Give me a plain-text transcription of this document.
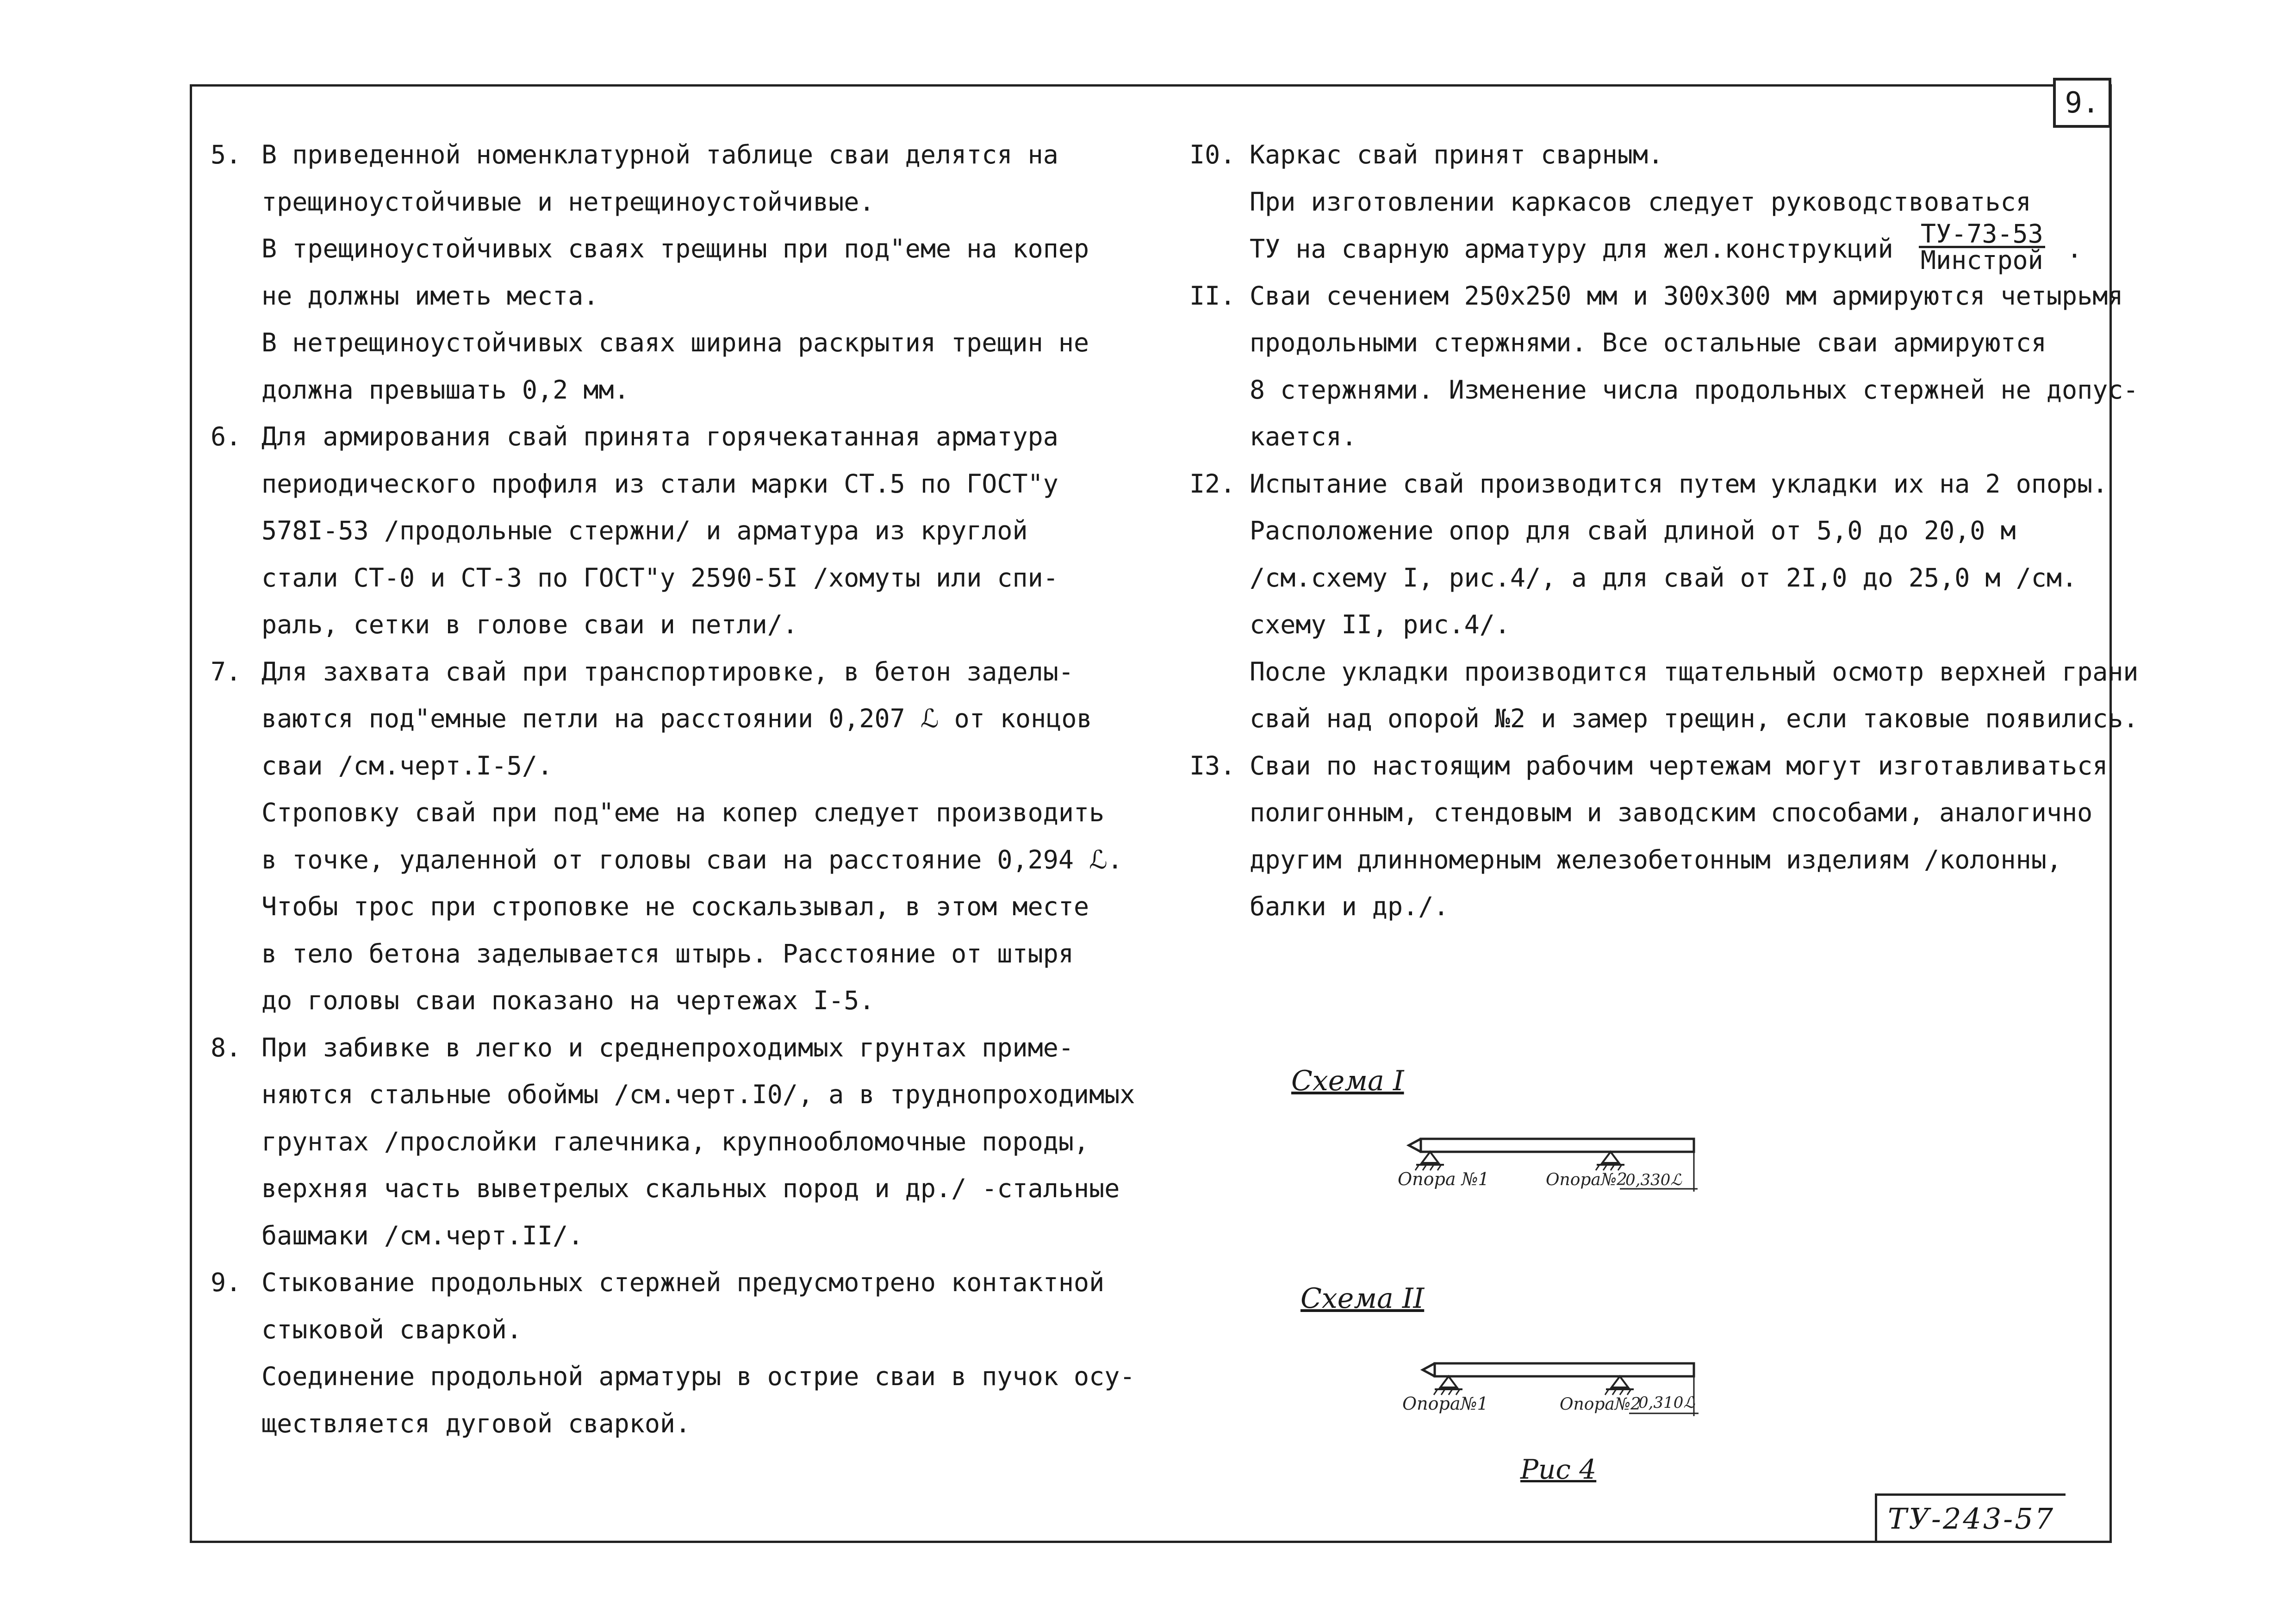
9.
ТУ-243-57
5. В приведенной номенклатурной таблице сваи делятся на
трещиноустойчивые и нетрещиноустойчивые.
В трещиноустойчивых сваях трещины при под"еме на копер
не должны иметь места.
В нетрещиноустойчивых сваях ширина раскрытия трещин не
должна превышать 0,2 мм.
6. Для армирования свай принята горячекатанная арматура
периодического профиля из стали марки СТ.5 по ГОСТ"у
578I-53 /продольные стержни/ и арматура из круглой
стали СТ-0 и СТ-3 по ГОСТ"у 2590-5I /хомуты или спи-
раль, сетки в голове сваи и петли/.
7. Для захвата свай при транспортировке, в бетон заделы-
ваются под"емные петли на расстоянии 0,207 ℒ от концов
сваи /см.черт.I-5/.
Строповку свай при под"еме на копер следует производить
в точке, удаленной от головы сваи на расстояние 0,294 ℒ.
Чтобы трос при строповке не соскальзывал, в этом месте
в тело бетона заделывается штырь. Расстояние от штыря
до головы сваи показано на чертежах I-5.
8. При забивке в легко и среднепроходимых грунтах приме-
няются стальные обоймы /см.черт.I0/, а в труднопроходимых
грунтах /прослойки галечника, крупнообломочные породы,
верхняя часть выветрелых скальных пород и др./ -стальные
башмаки /см.черт.II/.
9. Стыкование продольных стержней предусмотрено контактной
стыковой сваркой.
Соединение продольной арматуры в острие сваи в пучок осу-
ществляется дуговой сваркой.
I0. Каркас свай принят сварным.
При изготовлении каркасов следует руководствоваться
ТУ на сварную арматуру для жел.конструкций $\frac{ТУ-73-53}{\text{Минстрой}}$ .
II. Сваи сечением 250х250 мм и 300х300 мм армируются четырьмя
продольными стержнями. Все остальные сваи армируются
8 стержнями. Изменение числа продольных стержней не допус-
кается.
I2. Испытание свай производится путем укладки их на 2 опоры.
Расположение опор для свай длиной от 5,0 до 20,0 м
/см.схему I, рис.4/, а для свай от 2I,0 до 25,0 м /см.
схему II, рис.4/.
После укладки производится тщательный осмотр верхней грани
свай над опорой №2 и замер трещин, если таковые появились.
I3. Сваи по настоящим рабочим чертежам могут изготавливаться
полигонным, стендовым и заводским способами, аналогично
другим длинномерным железобетонным изделиям /колонны,
балки и др./.
Схема I
Опора №1	Опора№2
0,330ℒ
Схема II
Опора№1	Опора№2
0,310ℒ
Рис 4
